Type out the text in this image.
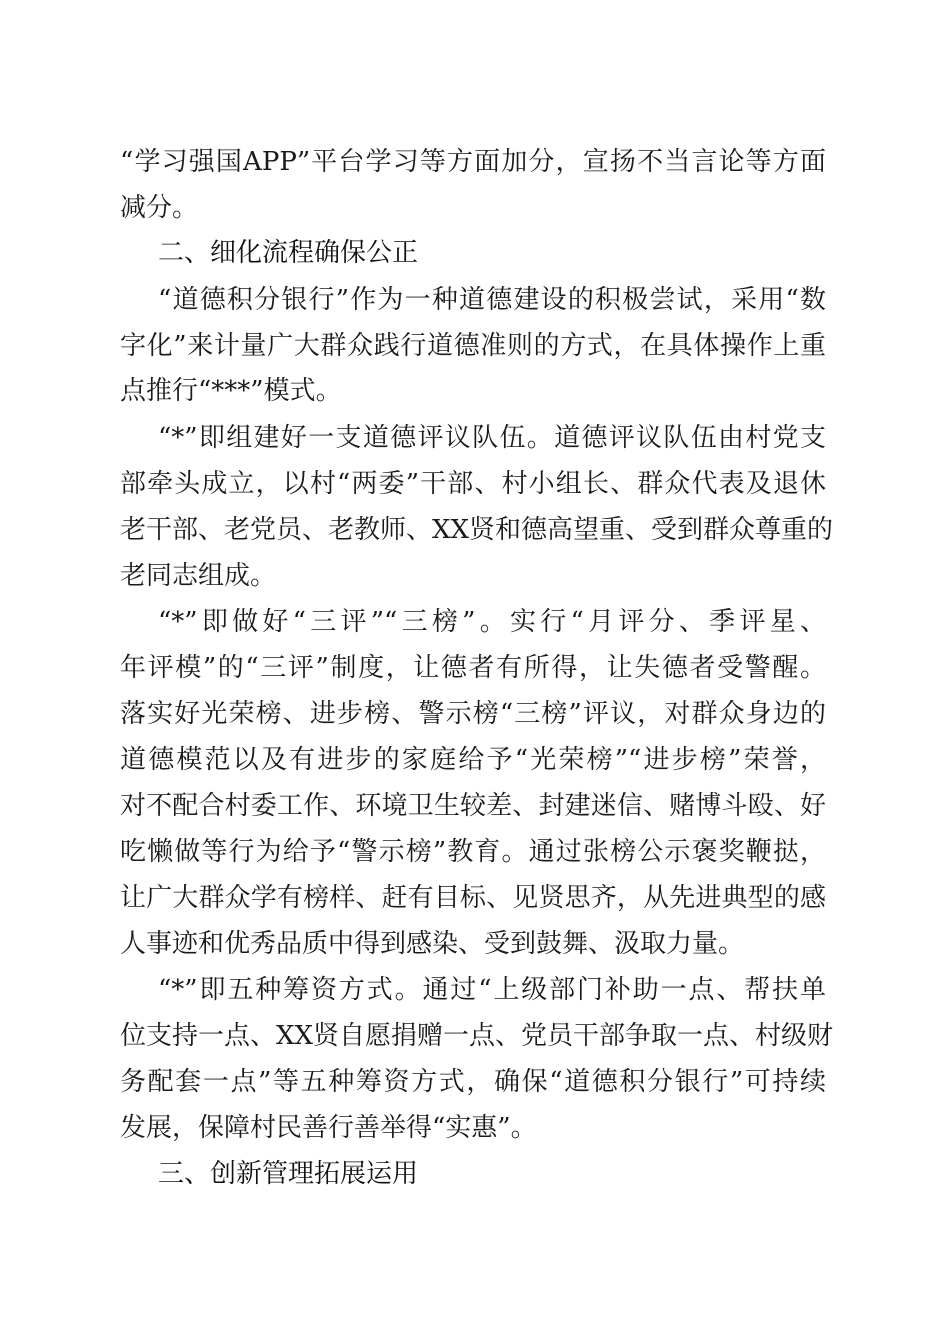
“学习强国APP”平台学习等方面加分，宣扬不当言论等方面
减分。
二、细化流程确保公正
“道德积分银行”作为一种道德建设的积极尝试，采用“数
字化”来计量广大群众践行道德准则的方式，在具体操作上重
点推行“***”模式。
“*”即组建好一支道德评议队伍。道德评议队伍由村党支
部牵头成立，以村“两委”干部、村小组长、群众代表及退休
老干部、老党员、老教师、XX贤和德高望重、受到群众尊重的
老同志组成。
“*”即做好“三评”“三榜”。实行“月评分、季评星、
年评模”的“三评”制度，让德者有所得，让失德者受警醒。
落实好光荣榜、进步榜、警示榜“三榜”评议，对群众身边的
道德模范以及有进步的家庭给予“光荣榜”“进步榜”荣誉，
对不配合村委工作、环境卫生较差、封建迷信、赌博斗殴、好
吃懒做等行为给予“警示榜”教育。通过张榜公示褒奖鞭挞，
让广大群众学有榜样、赶有目标、见贤思齐，从先进典型的感
人事迹和优秀品质中得到感染、受到鼓舞、汲取力量。
“*”即五种筹资方式。通过“上级部门补助一点、帮扶单
位支持一点、XX贤自愿捐赠一点、党员干部争取一点、村级财
务配套一点”等五种筹资方式，确保“道德积分银行”可持续
发展，保障村民善行善举得“实惠”。
三、创新管理拓展运用
